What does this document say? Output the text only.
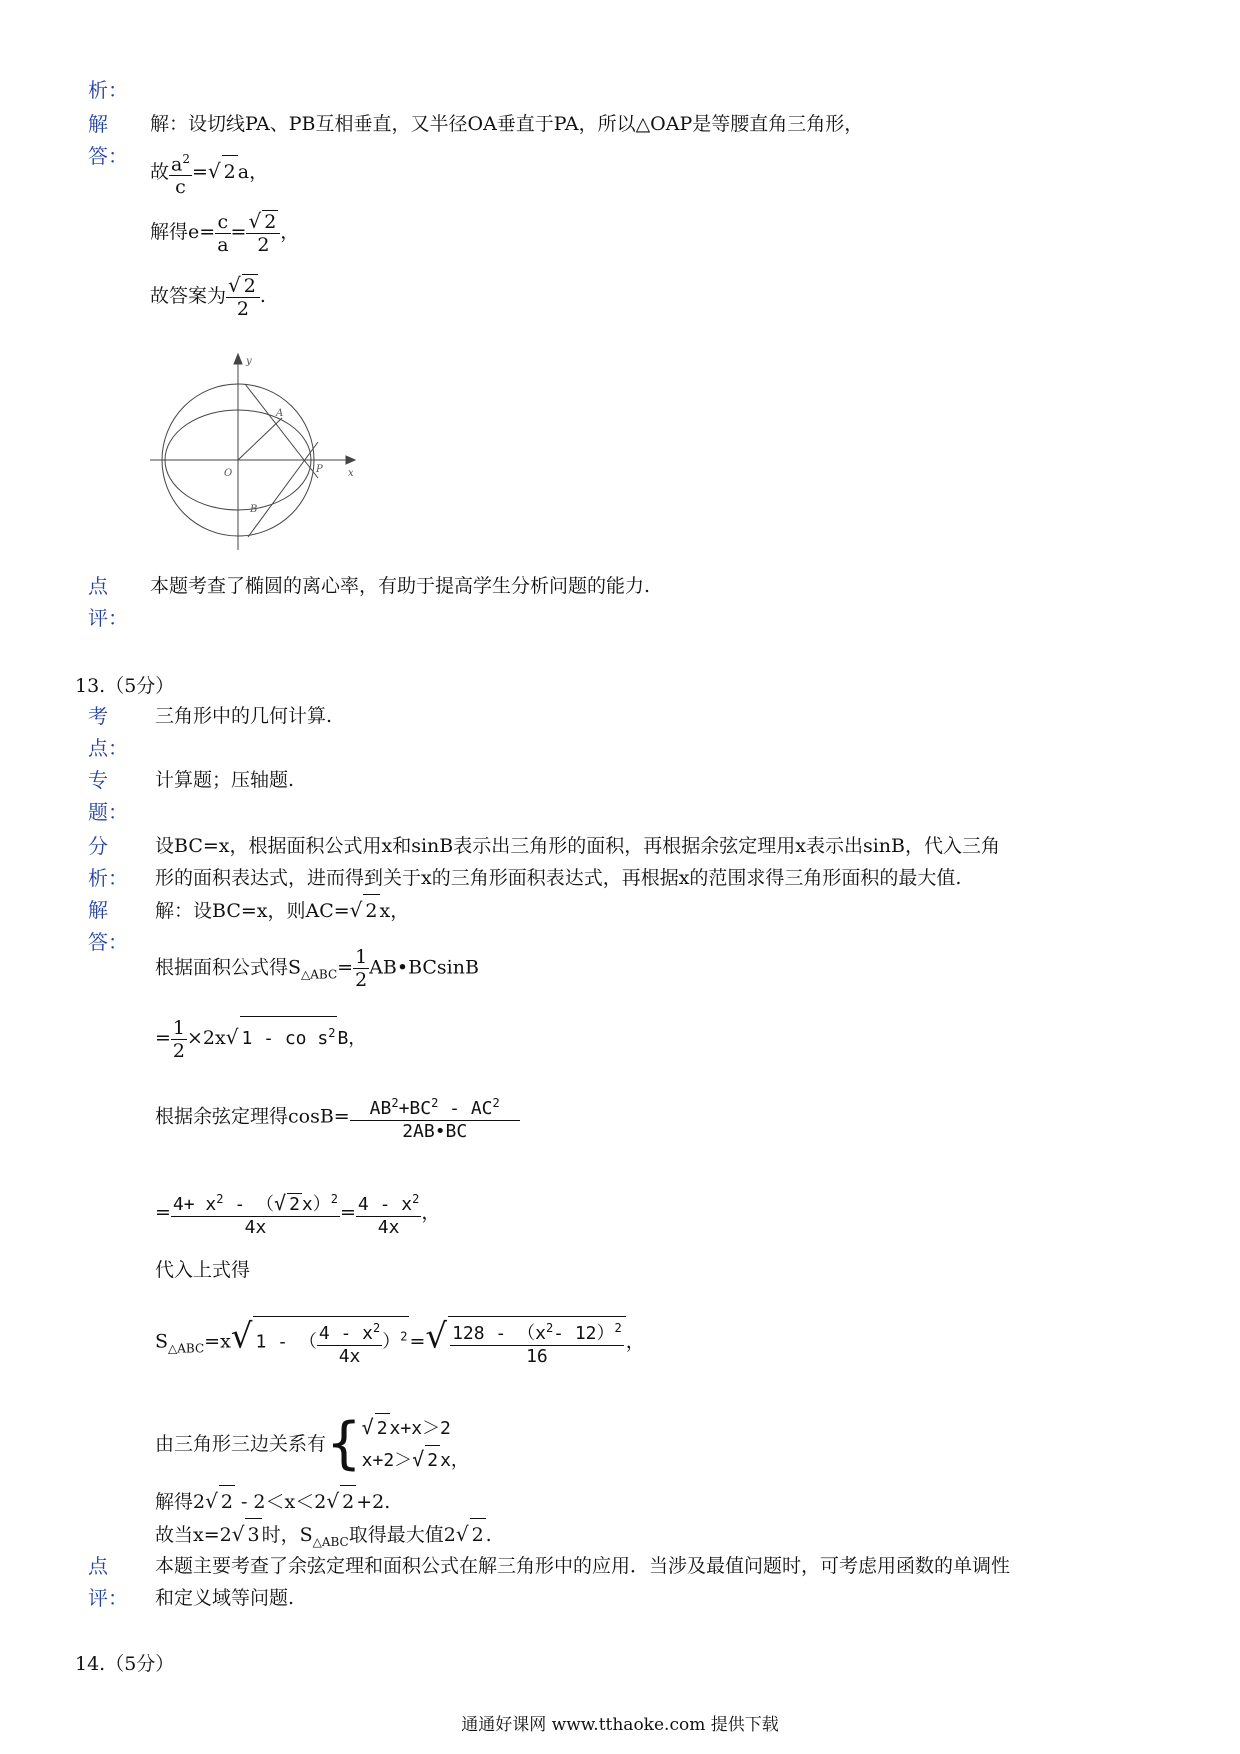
析：
解
答：
解：设切线PA、PB互相垂直，又半径OA垂直于PA，所以△OAP是等腰直角三角形，
故 $\frac{a^2}{c}$ =√ 2 a，
解得$e= \frac{c}{a} = \frac{√ 2}{2}$ ，
故答案为 $\frac{√ 2}{2}$ .
y
x
O
A
B
P
点
评：
本题考查了椭圆的离心率，有助于提高学生分析问题的能力.
13.（5分）
考
点：
三角形中的几何计算.
专
题：
计算题；压轴题.
分
析：
设BC=x，根据面积公式用x和sinB表示出三角形的面积，再根据余弦定理用x表示出sinB，代入三角
形的面积表达式，进而得到关于x的三角形面积表达式，再根据x的范围求得三角形面积的最大值.
解
答：
解：设BC=x，则AC=√ 2 x，
根据面积公式得$S_{\triangle ABC}= \frac{1}{2}$ AB•BCsinB
= $\frac{1}{2} \times 2x√$ 1 - co $s^2$ B，
根据余弦定理得$\cos B= \frac{AB^2+BC^2 - AC^2}{2AB•BC}$
= $\frac{4+ x^2 - (√ 2 x)^2}{4x} = \frac{4 - x^2}{4x}$ ，
代入上式得
$S_{\triangle ABC}=x√$ 1 - （ $\frac{4 - x^2}{4x} )^2$ =√ $\frac{128 - (x^2- 12)^2}{16}$ ，
由三角形三边关系有{ √ 2 x+x＞2
x+2＞√ 2 x，
解得2√ 2 - 2＜x＜2√ 2 +2.
故当x=2√ 3 时，$S_{\triangle ABC}$取得最大值2√ 2 .
点
评：
本题主要考查了余弦定理和面积公式在解三角形中的应用．当涉及最值问题时，可考虑用函数的单调性
和定义域等问题.
14.（5分）
通通好课网 www.tthaoke.com 提供下载
